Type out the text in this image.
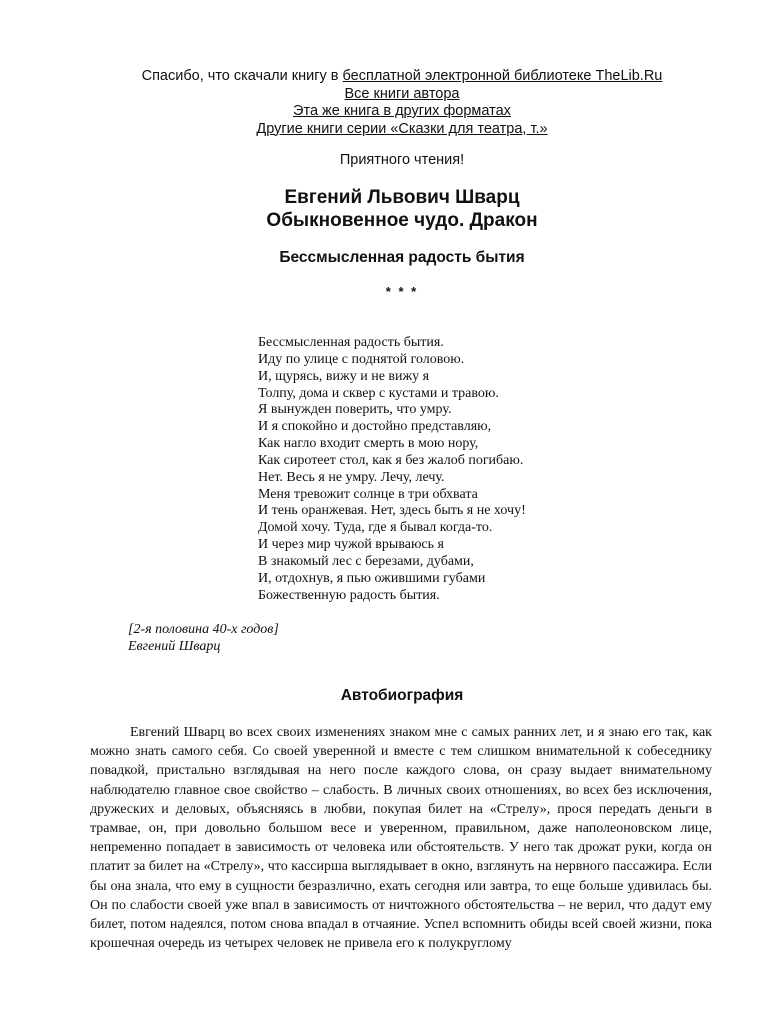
Спасибо, что скачали книгу в бесплатной электронной библиотеке TheLib.Ru
Все книги автора
Эта же книга в других форматах
Другие книги серии «Сказки для театра, т.»
Приятного чтения!
Евгений Львович Шварц
Обыкновенное чудо. Дракон
Бессмысленная радость бытия
* * *
Бессмысленная радость бытия.
Иду по улице с поднятой головою.
И, щурясь, вижу и не вижу я
Толпу, дома и сквер с кустами и травою.
Я вынужден поверить, что умру.
И я спокойно и достойно представляю,
Как нагло входит смерть в мою нору,
Как сиротеет стол, как я без жалоб погибаю.
Нет. Весь я не умру. Лечу, лечу.
Меня тревожит солнце в три обхвата
И тень оранжевая. Нет, здесь быть я не хочу!
Домой хочу. Туда, где я бывал когда-то.
И через мир чужой врываюсь я
В знакомый лес с березами, дубами,
И, отдохнув, я пью ожившими губами
Божественную радость бытия.
[2-я половина 40-х годов]
Евгений Шварц
Автобиография

Евгений Шварц во всех своих изменениях знаком мне с самых ранних лет, и я знаю его так, как можно знать самого себя. Со своей уверенной и вместе с тем слишком внимательной к собеседнику повадкой, пристально взглядывая на него после каждого слова, он сразу выдает внимательному наблюдателю главное свое свойство – слабость. В личных своих отношениях, во всех без исключения, дружеских и деловых, объясняясь в любви, покупая билет на «Стрелу», прося передать деньги в трамвае, он, при довольно большом весе и уверенном, правильном, даже наполеоновском лице, непременно попадает в зависимость от человека или обстоятельств. У него так дрожат руки, когда он платит за билет на «Стрелу», что кассирша выглядывает в окно, взглянуть на нервного пассажира. Если бы она знала, что ему в сущности безразлично, ехать сегодня или завтра, то еще больше удивилась бы. Он по слабости своей уже впал в зависимость от ничтожного обстоятельства – не верил, что дадут ему билет, потом надеялся, потом снова впадал в отчаяние. Успел вспомнить обиды всей своей жизни, пока крошечная очередь из четырех человек не привела его к полукруглому
